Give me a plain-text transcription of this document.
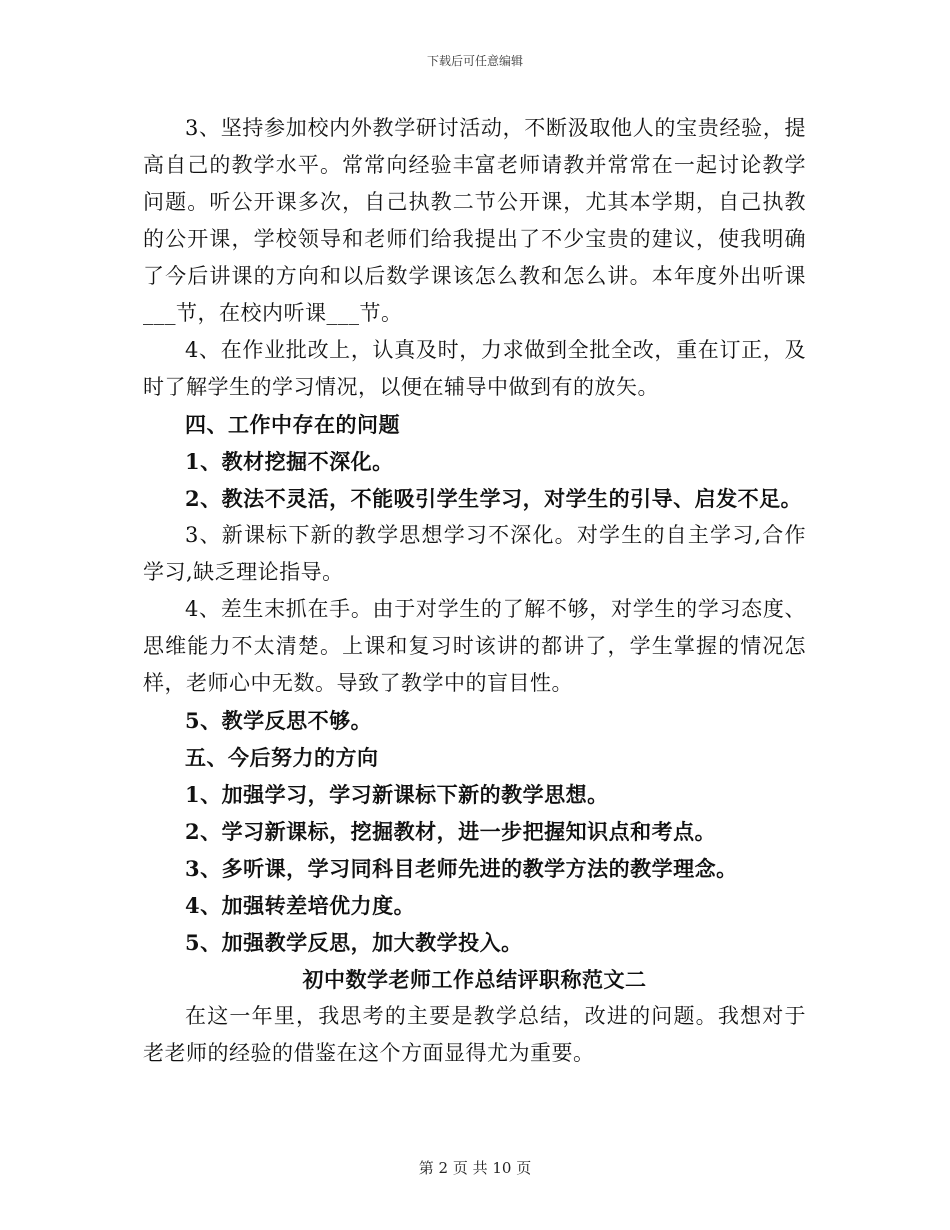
下载后可任意编辑

3、坚持参加校内外教学研讨活动，不断汲取他人的宝贵经验，提高自己的教学水平。常常向经验丰富老师请教并常常在一起讨论教学问题。听公开课多次，自己执教二节公开课，尤其本学期，自己执教的公开课，学校领导和老师们给我提出了不少宝贵的建议，使我明确了今后讲课的方向和以后数学课该怎么教和怎么讲。本年度外出听课___节，在校内听课___节。

4、在作业批改上，认真及时，力求做到全批全改，重在订正，及时了解学生的学习情况，以便在辅导中做到有的放矢。

四、工作中存在的问题

1、教材挖掘不深化。

2、教法不灵活，不能吸引学生学习，对学生的引导、启发不足。

3、新课标下新的教学思想学习不深化。对学生的自主学习,合作学习,缺乏理论指导。

4、差生末抓在手。由于对学生的了解不够，对学生的学习态度、思维能力不太清楚。上课和复习时该讲的都讲了，学生掌握的情况怎样，老师心中无数。导致了教学中的盲目性。

5、教学反思不够。

五、今后努力的方向

1、加强学习，学习新课标下新的教学思想。

2、学习新课标，挖掘教材，进一步把握知识点和考点。

3、多听课，学习同科目老师先进的教学方法的教学理念。

4、加强转差培优力度。

5、加强教学反思，加大教学投入。

初中数学老师工作总结评职称范文二

在这一年里，我思考的主要是教学总结，改进的问题。我想对于老老师的经验的借鉴在这个方面显得尤为重要。

第 2 页 共 10 页
